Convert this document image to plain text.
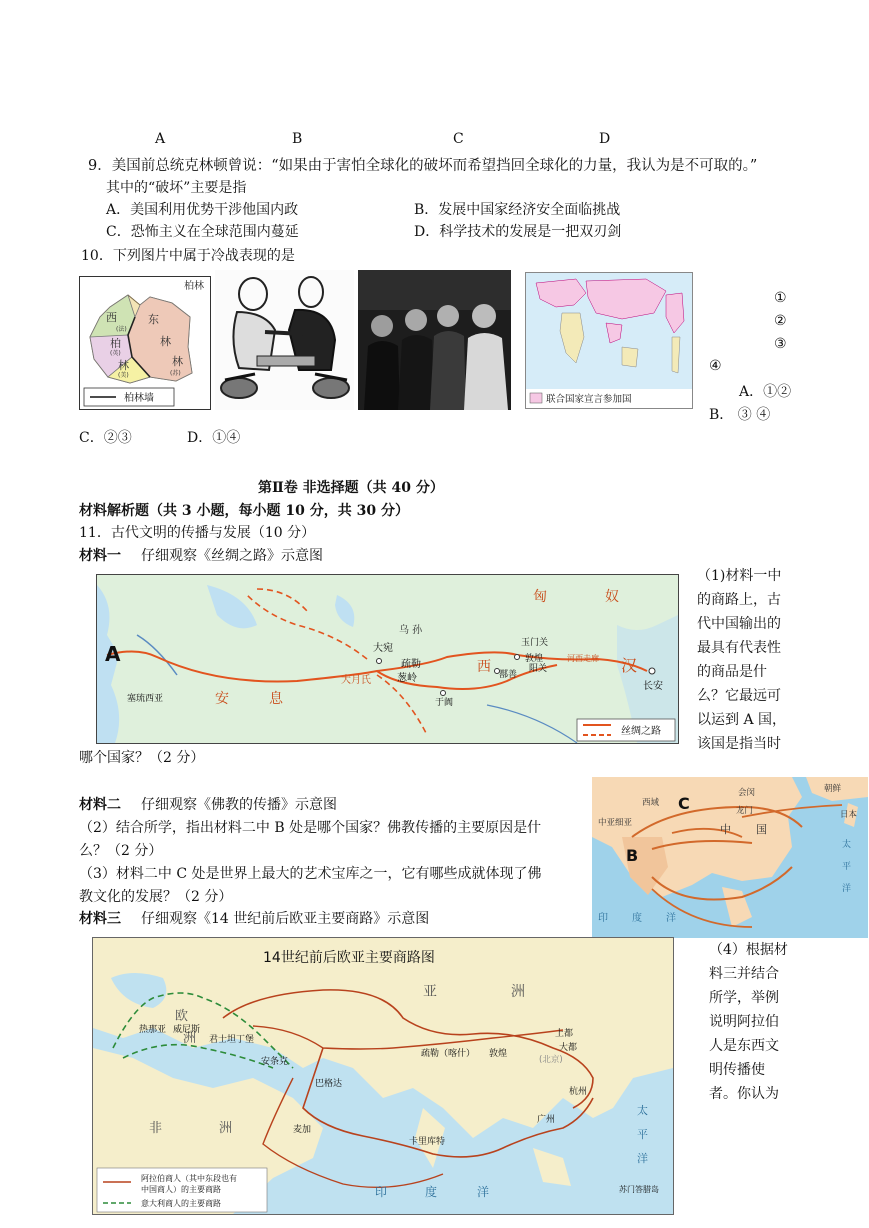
A	B	C	D
9．美国前总统克林顿曾说：“如果由于害怕全球化的破坏而希望挡回全球化的力量，我认为是不可取的。”
其中的“破坏”主要是指
A．美国利用优势干涉他国内政	B．发展中国家经济安全面临挑战
C．恐怖主义在全球范围内蔓延	D．科学技术的发展是一把双刃剑
10．下列图片中属于冷战表现的是
柏林
东
林
林
(苏)
西
(法)
柏
(英)
林
(美)
柏林墙	联合国家宣言参加国
①
②
③
④
A．①②
B． ③ ④
C．②③	D．①④
第Ⅱ卷 非选择题（共 40 分）
材料解析题（共 3 小题，每小题 10 分，共 30 分）
11．古代文明的传播与发展（10 分）
材料一 仔细观察《丝绸之路》示意图
A
匈	奴
乌 孙
大宛
疏勒
大月氏	葱岭
西
玉门关
敦煌
阳关
河西走廊 汉
长安
鄯善
于阗
安	息
塞琉西亚
丝绸之路
（1)材料一中
的商路上，古
代中国输出的
最具有代表性
的商品是什
么？它最远可
以运到 A 国，
该国是指当时
哪个国家？（2 分）
材料二 仔细观察《佛教的传播》示意图
（2）结合所学，指出材料二中 B 处是哪个国家？佛教传播的主要原因是什
么？（2 分）
（3）材料二中 C 处是世界上最大的艺术宝库之一，它有哪些成就体现了佛
教文化的发展？（2 分）
C
B
西域
中亚细亚
会闵
龙门
中 国
朝鲜
日本
太
平
洋
印 度 洋
材料三 仔细观察《14 世纪前后欧亚主要商路》示意图
14世纪前后欧亚主要商路图
亚	洲
欧
洲
热那亚 威尼斯
君士坦丁堡
安条克
巴格达
疏勒（喀什） 敦煌
上都
大都
(北京)
杭州
广州
麦加
卡里库特
非	洲
印	度	洋
太
平
洋
苏门答腊岛
阿拉伯商人（其中东段也有
中国商人）的主要商路
意大利商人的主要商路
（4）根据材
料三并结合
所学，举例
说明阿拉伯
人是东西文
明传播使
者。你认为
